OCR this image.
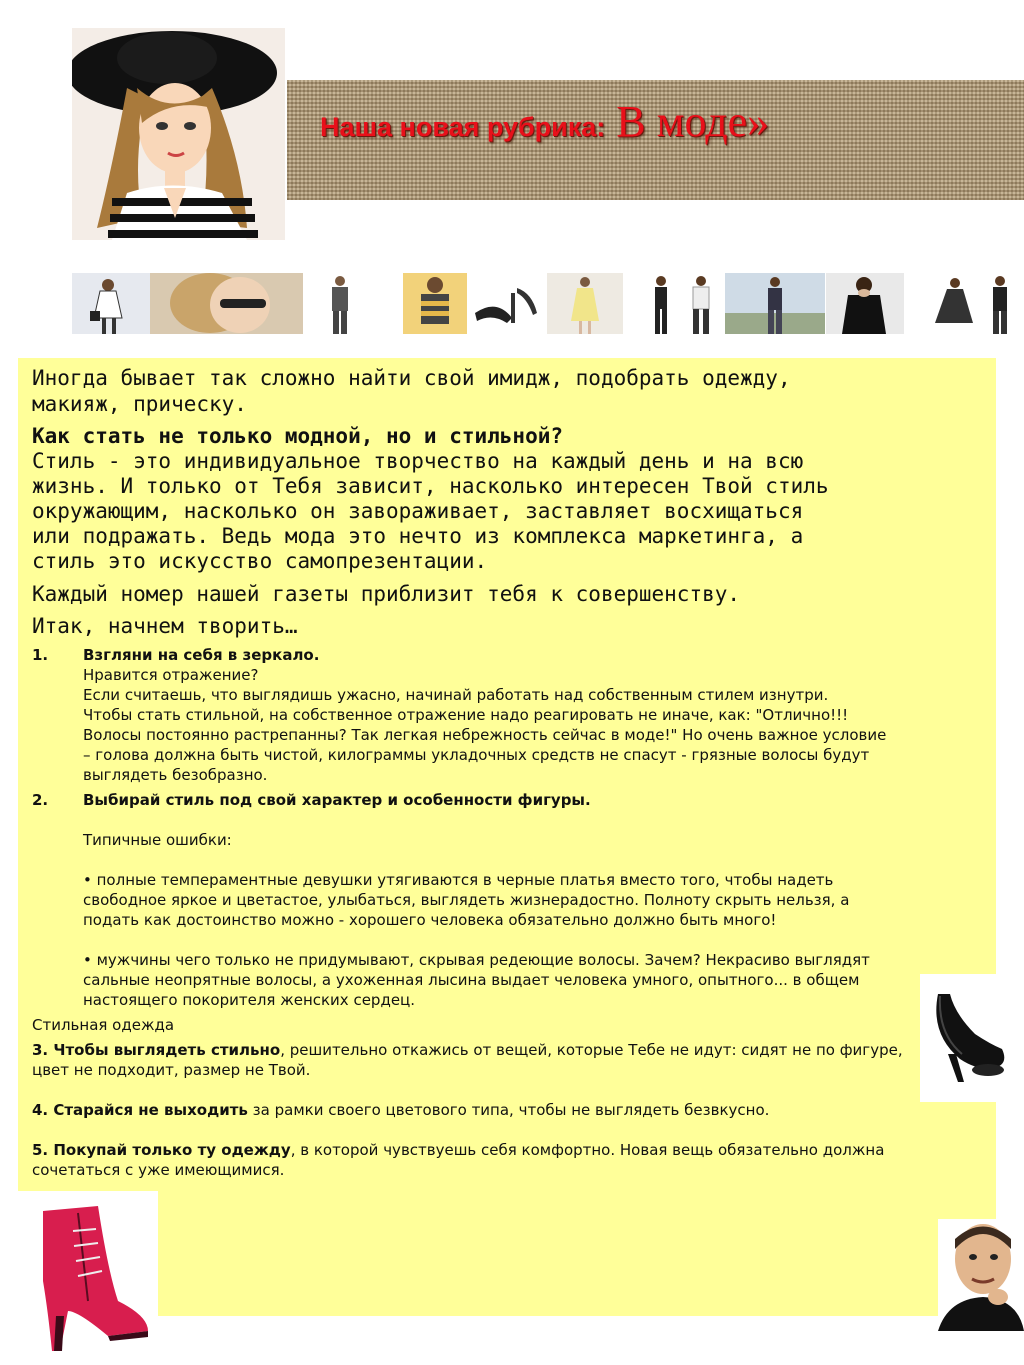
Наша новая рубрика: В моде»
Иногда бывает так сложно найти свой имидж, подобрать одежду,
макияж, прическу.
Как стать не только модной, но и стильной?
Стиль - это индивидуальное творчество на каждый день и на всю
жизнь. И только от Тебя зависит, насколько интересен Твой стиль
окружающим, насколько он завораживает, заставляет восхищаться
или подражать. Ведь мода это нечто из комплекса маркетинга, а
стиль это искусство самопрезентации.
Каждый номер нашей газеты приблизит тебя к совершенству.
Итак, начнем творить…
1. Взгляни на себя в зеркало.
Нравится отражение?
Если считаешь, что выглядишь ужасно, начинай работать над собственным стилем изнутри.
Чтобы стать стильной, на собственное отражение надо реагировать не иначе, как: "Отлично!!!
Волосы постоянно растрепанны? Так легкая небрежность сейчас в моде!" Но очень важное условие
– голова должна быть чистой, килограммы укладочных средств не спасут - грязные волосы будут
выглядеть безобразно.
2. Выбирай стиль под свой характер и особенности фигуры.
Типичные ошибки:
• полные темпераментные девушки утягиваются в черные платья вместо того, чтобы надеть
свободное яркое и цветастое, улыбаться, выглядеть жизнерадостно. Полноту скрыть нельзя, а
подать как достоинство можно - хорошего человека обязательно должно быть много!
• мужчины чего только не придумывают, скрывая редеющие волосы. Зачем? Некрасиво выглядят
сальные неопрятные волосы, а ухоженная лысина выдает человека умного, опытного... в общем
настоящего покорителя женских сердец.
Стильная одежда
3. Чтобы выглядеть стильно, решительно откажись от вещей, которые Тебе не идут: сидят не по фигуре,
цвет не подходит, размер не Твой.
4. Старайся не выходить за рамки своего цветового типа, чтобы не выглядеть безвкусно.
5. Покупай только ту одежду, в которой чувствуешь себя комфортно. Новая вещь обязательно должна
сочетаться с уже имеющимися.
